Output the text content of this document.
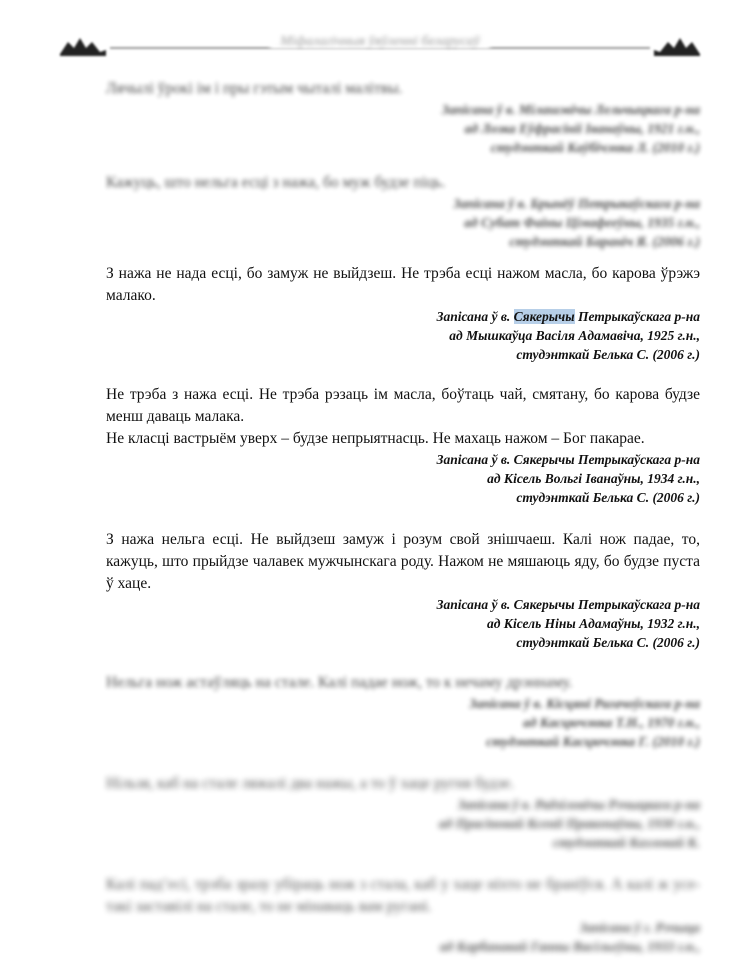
Міфалагічныя ўяўленні беларусаў

Лячылі ўрокі ім і пры гэтым чыталі малітвы.

Запісана ў в. Мілашэвічы Лельчыцкага р-на
ад Лозка Еўфрасініі Іванаўны, 1921 г.н.,
студэнткай Каўбічэнка Л. (2010 г.)

Кажуць, што нельга есці з нажа, бо муж будзе піць.

Запісана ў в. Брынёў Петрыкаўскага р-на
ад Субат Фаіны Цімафееўны, 1935 г.н.,
студэнткай Бараніч Я. (2006 г.)

З нажа не нада есці, бо замуж не выйдзеш. Не трэба есці нажом масла, бо карова ўрэжэ малако.

Запісана ў в. Сякерычы Петрыкаўскага р-на
ад Мышкаўца Васіля Адамавіча, 1925 г.н.,
студэнткай Белька С. (2006 г.)

Не трэба з нажа есці. Не трэба рэзаць ім масла, боўтаць чай, смятану, бо карова будзе менш даваць малака.

Не класці вастрыём уверх – будзе непрыятнасць. Не махаць нажом – Бог пакарае.

Запісана ў в. Сякерычы Петрыкаўскага р-на
ад Кісель Вольгі Іванаўны, 1934 г.н.,
студэнткай Белька С. (2006 г.)

З нажа нельга есці. Не выйдзеш замуж і розум свой знішчаеш. Калі нож падае, то, кажуць, што прыйдзе чалавек мужчынскага роду. Нажом не мяшаюць яду, бо будзе пуста ў хаце.

Запісана ў в. Сякерычы Петрыкаўскага р-на
ад Кісель Ніны Адамаўны, 1932 г.н.,
студэнткай Белька С. (2006 г.)

Нельга нож астаўляць на стале. Калі падае нож, то к нечаму дрэннаму.

Запісана ў в. Кісцяні Рагачоўскага р-на
ад Касцючэнка Т.Н., 1970 г.н.,
студэнткай Касцючэнка Г. (2010 г.)

Нільзя, каб на стале ляжалі два нажы, а то ў хаце ругня будзе.

Запісана ў в. Радзіловічы Рэчыцкага р-на
ад Прасіновай Ксеніі Пракопаўны, 1930 г.н.,
студэнткай Казловай К.

Калі пад’есі, трэба зразу убіраць нож з стала, каб у хаце ніхто не браніўся. А калі ж усе-такі заставілі на стале, то не мінаваць вам ругані.

Запісана ў г. Рэчыца
ад Карбанавай Ганны Васільеўны, 1933 г.н.,
